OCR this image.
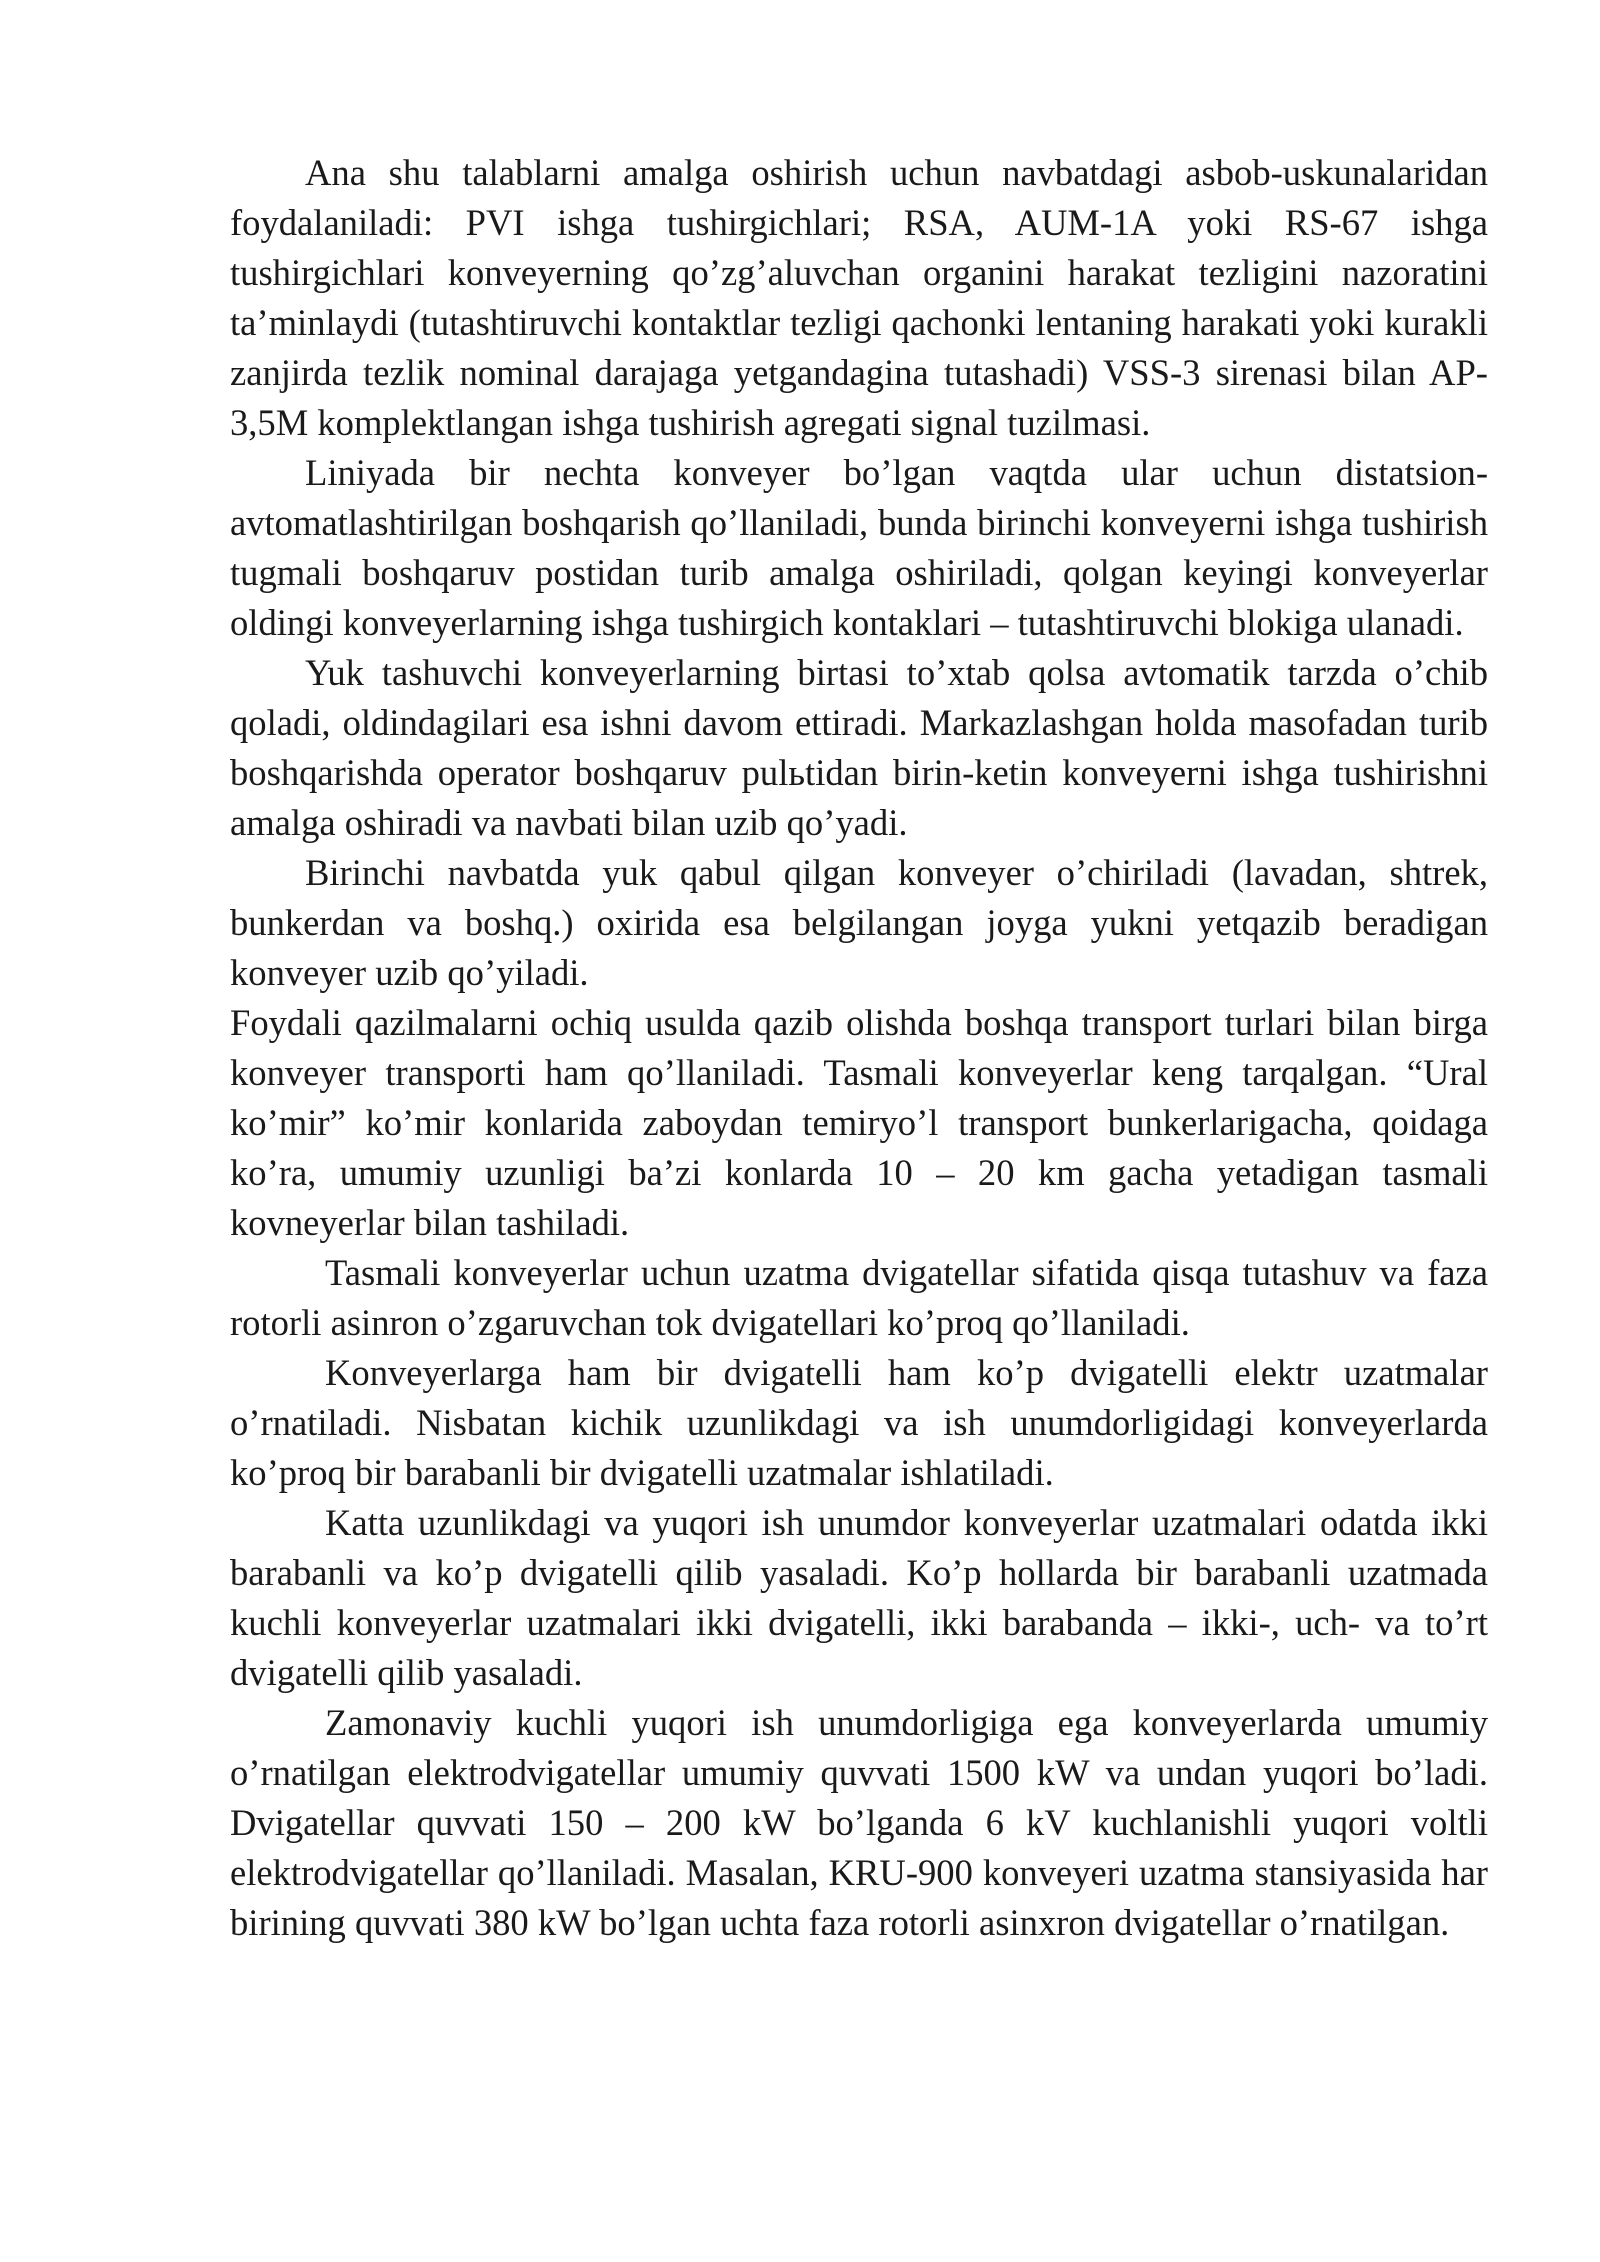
Ana shu talablarni amalga oshirish uchun navbatdagi asbob-uskunalaridan foydalaniladi: PVI ishga tushirgichlari; RSA, AUM-1A yoki RS-67 ishga tushirgichlari konveyerning qo’zg’aluvchan organini harakat tezligini nazoratini ta’minlaydi (tutashtiruvchi kontaktlar tezligi qachonki lentaning harakati yoki kurakli zanjirda tezlik nominal darajaga yetgandagina tutashadi) VSS-3 sirenasi bilan AP-3,5M komplektlangan ishga tushirish agregati signal tuzilmasi.

Liniyada bir nechta konveyer bo’lgan vaqtda ular uchun distatsion-avtomatlashtirilgan boshqarish qo’llaniladi, bunda birinchi konveyerni ishga tushirish tugmali boshqaruv postidan turib amalga oshiriladi, qolgan keyingi konveyerlar oldingi konveyerlarning ishga tushirgich kontaklari – tutashtiruvchi blokiga ulanadi.

Yuk tashuvchi konveyerlarning birtasi to’xtab qolsa avtomatik tarzda o’chib qoladi, oldindagilari esa ishni davom ettiradi. Markazlashgan holda masofadan turib boshqarishda operator boshqaruv pulьtidan birin-ketin konveyerni ishga tushirishni amalga oshiradi va navbati bilan uzib qo’yadi.

Birinchi navbatda yuk qabul qilgan konveyer o’chiriladi (lavadan, shtrek, bunkerdan va boshq.) oxirida esa belgilangan joyga yukni yetqazib beradigan konveyer uzib qo’yiladi.

Foydali qazilmalarni ochiq usulda qazib olishda boshqa transport turlari bilan birga konveyer transporti ham qo’llaniladi. Tasmali konveyerlar keng tarqalgan. “Ural ko’mir” ko’mir konlarida zaboydan temiryo’l transport bunkerlarigacha, qoidaga ko’ra, umumiy uzunligi ba’zi konlarda 10 – 20 km gacha yetadigan tasmali kovneyerlar bilan tashiladi.

Tasmali konveyerlar uchun uzatma dvigatellar sifatida qisqa tutashuv va faza rotorli asinron o’zgaruvchan tok dvigatellari ko’proq qo’llaniladi.

Konveyerlarga ham bir dvigatelli ham ko’p dvigatelli elektr uzatmalar o’rnatiladi. Nisbatan kichik uzunlikdagi va ish unumdorligidagi konveyerlarda ko’proq bir barabanli bir dvigatelli uzatmalar ishlatiladi.

Katta uzunlikdagi va yuqori ish unumdor konveyerlar uzatmalari odatda ikki barabanli va ko’p dvigatelli qilib yasaladi. Ko’p hollarda bir barabanli uzatmada kuchli konveyerlar uzatmalari ikki dvigatelli, ikki barabanda – ikki-, uch- va to’rt dvigatelli qilib yasaladi.

Zamonaviy kuchli yuqori ish unumdorligiga ega konveyerlarda umumiy o’rnatilgan elektrodvigatellar umumiy quvvati 1500 kW va undan yuqori bo’ladi. Dvigatellar quvvati 150 – 200 kW bo’lganda 6 kV kuchlanishli yuqori voltli elektrodvigatellar qo’llaniladi. Masalan, KRU-900 konveyeri uzatma stansiyasida har birining quvvati 380 kW bo’lgan uchta faza rotorli asinxron dvigatellar o’rnatilgan.
